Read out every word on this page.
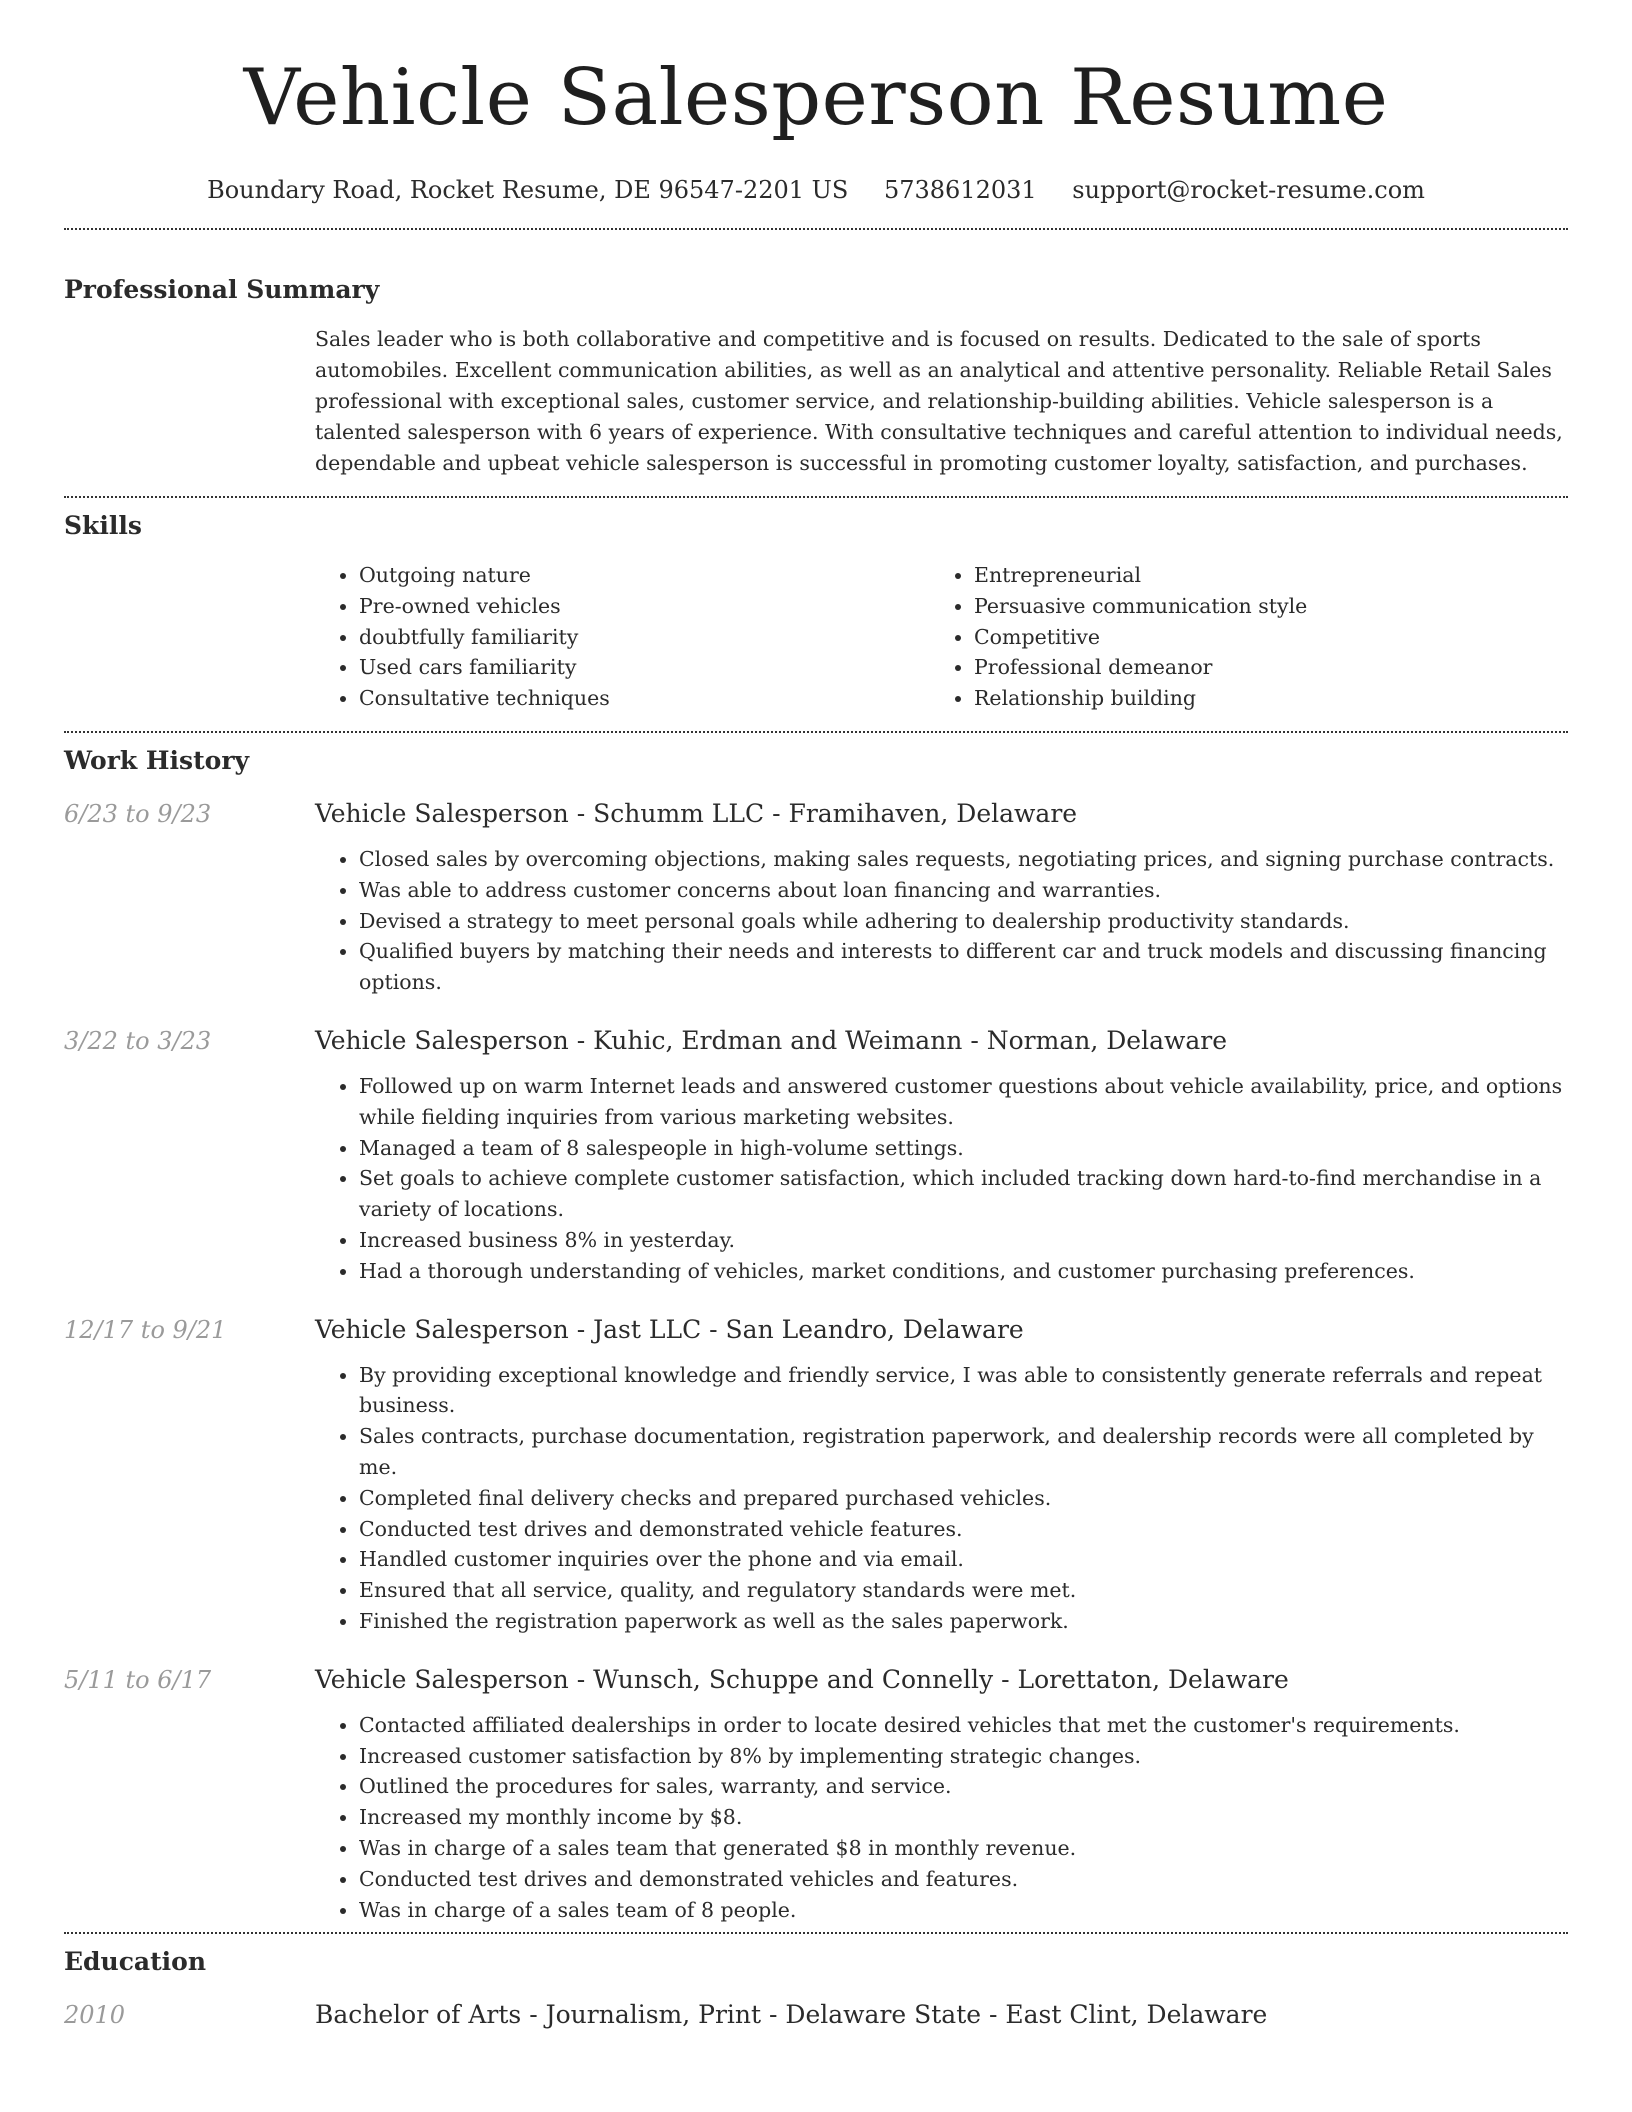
Vehicle Salesperson Resume
Boundary Road, Rocket Resume, DE 96547-2201 US 5738612031 support@rocket-resume.com
Professional Summary
Sales leader who is both collaborative and competitive and is focused on results. Dedicated to the sale of sports automobiles. Excellent communication abilities, as well as an analytical and attentive personality. Reliable Retail Sales professional with exceptional sales, customer service, and relationship-building abilities. Vehicle salesperson is a talented salesperson with 6 years of experience. With consultative techniques and careful attention to individual needs, dependable and upbeat vehicle salesperson is successful in promoting customer loyalty, satisfaction, and purchases.
Skills
• Outgoing nature
• Pre-owned vehicles
• doubtfully familiarity
• Used cars familiarity
• Consultative techniques
• Entrepreneurial
• Persuasive communication style
• Competitive
• Professional demeanor
• Relationship building
Work History
6/23 to 9/23	Vehicle Salesperson - Schumm LLC - Framihaven, Delaware
• Closed sales by overcoming objections, making sales requests, negotiating prices, and signing purchase contracts.
• Was able to address customer concerns about loan financing and warranties.
• Devised a strategy to meet personal goals while adhering to dealership productivity standards.
• Qualified buyers by matching their needs and interests to different car and truck models and discussing financing options.
3/22 to 3/23	Vehicle Salesperson - Kuhic, Erdman and Weimann - Norman, Delaware
• Followed up on warm Internet leads and answered customer questions about vehicle availability, price, and options while fielding inquiries from various marketing websites.
• Managed a team of 8 salespeople in high-volume settings.
• Set goals to achieve complete customer satisfaction, which included tracking down hard-to-find merchandise in a variety of locations.
• Increased business 8% in yesterday.
• Had a thorough understanding of vehicles, market conditions, and customer purchasing preferences.
12/17 to 9/21	Vehicle Salesperson - Jast LLC - San Leandro, Delaware
• By providing exceptional knowledge and friendly service, I was able to consistently generate referrals and repeat business.
• Sales contracts, purchase documentation, registration paperwork, and dealership records were all completed by me.
• Completed final delivery checks and prepared purchased vehicles.
• Conducted test drives and demonstrated vehicle features.
• Handled customer inquiries over the phone and via email.
• Ensured that all service, quality, and regulatory standards were met.
• Finished the registration paperwork as well as the sales paperwork.
5/11 to 6/17	Vehicle Salesperson - Wunsch, Schuppe and Connelly - Lorettaton, Delaware
• Contacted affiliated dealerships in order to locate desired vehicles that met the customer's requirements.
• Increased customer satisfaction by 8% by implementing strategic changes.
• Outlined the procedures for sales, warranty, and service.
• Increased my monthly income by $8.
• Was in charge of a sales team that generated $8 in monthly revenue.
• Conducted test drives and demonstrated vehicles and features.
• Was in charge of a sales team of 8 people.
Education
2010	Bachelor of Arts - Journalism, Print - Delaware State - East Clint, Delaware
